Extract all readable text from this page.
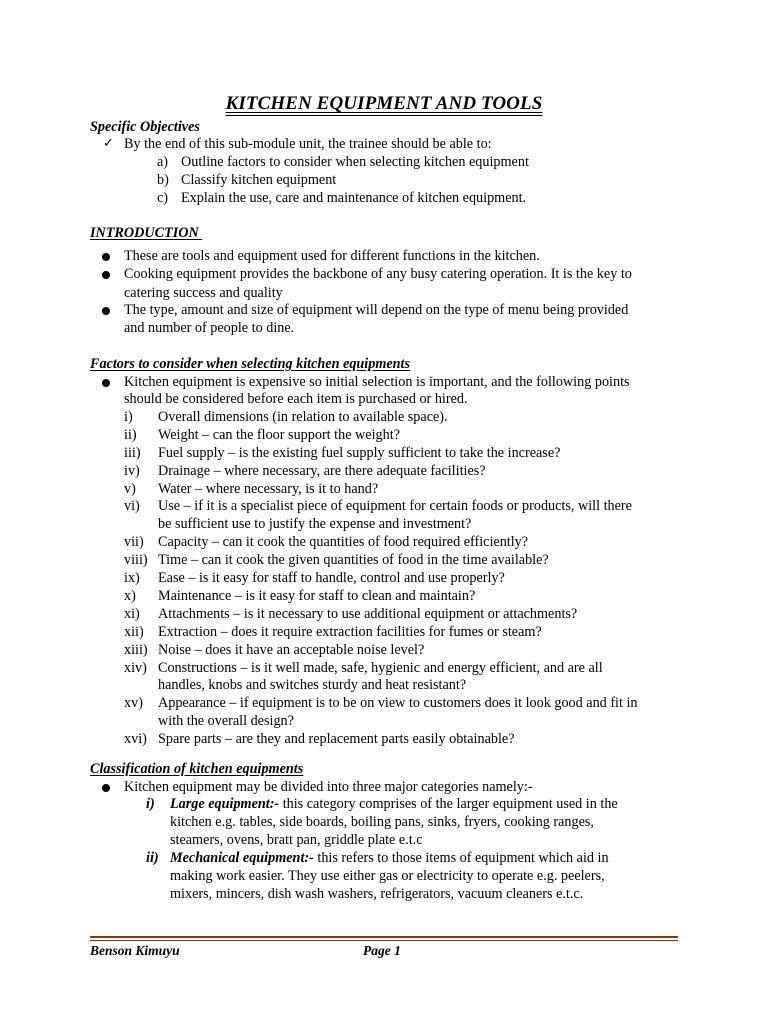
KITCHEN EQUIPMENT AND TOOLS
Specific Objectives
✓ By the end of this sub-module unit, the trainee should be able to:
a) Outline factors to consider when selecting kitchen equipment
b) Classify kitchen equipment
c) Explain the use, care and maintenance of kitchen equipment.
INTRODUCTION
These are tools and equipment used for different functions in the kitchen.
Cooking equipment provides the backbone of any busy catering operation. It is the key to
catering success and quality
The type, amount and size of equipment will depend on the type of menu being provided
and number of people to dine.
Factors to consider when selecting kitchen equipments
Kitchen equipment is expensive so initial selection is important, and the following points
should be considered before each item is purchased or hired.
i) Overall dimensions (in relation to available space).
ii) Weight – can the floor support the weight?
iii) Fuel supply – is the existing fuel supply sufficient to take the increase?
iv) Drainage – where necessary, are there adequate facilities?
v) Water – where necessary, is it to hand?
vi) Use – if it is a specialist piece of equipment for certain foods or products, will there
be sufficient use to justify the expense and investment?
vii) Capacity – can it cook the quantities of food required efficiently?
viii) Time – can it cook the given quantities of food in the time available?
ix) Ease – is it easy for staff to handle, control and use properly?
x) Maintenance – is it easy for staff to clean and maintain?
xi) Attachments – is it necessary to use additional equipment or attachments?
xii) Extraction – does it require extraction facilities for fumes or steam?
xiii) Noise – does it have an acceptable noise level?
xiv) Constructions – is it well made, safe, hygienic and energy efficient, and are all
handles, knobs and switches sturdy and heat resistant?
xv) Appearance – if equipment is to be on view to customers does it look good and fit in
with the overall design?
xvi) Spare parts – are they and replacement parts easily obtainable?
Classification of kitchen equipments
Kitchen equipment may be divided into three major categories namely:-
i) Large equipment:- this category comprises of the larger equipment used in the
kitchen e.g. tables, side boards, boiling pans, sinks, fryers, cooking ranges,
steamers, ovens, bratt pan, griddle plate e.t.c
ii) Mechanical equipment:- this refers to those items of equipment which aid in
making work easier. They use either gas or electricity to operate e.g. peelers,
mixers, mincers, dish wash washers, refrigerators, vacuum cleaners e.t.c.
Benson Kimuyu	Page 1
